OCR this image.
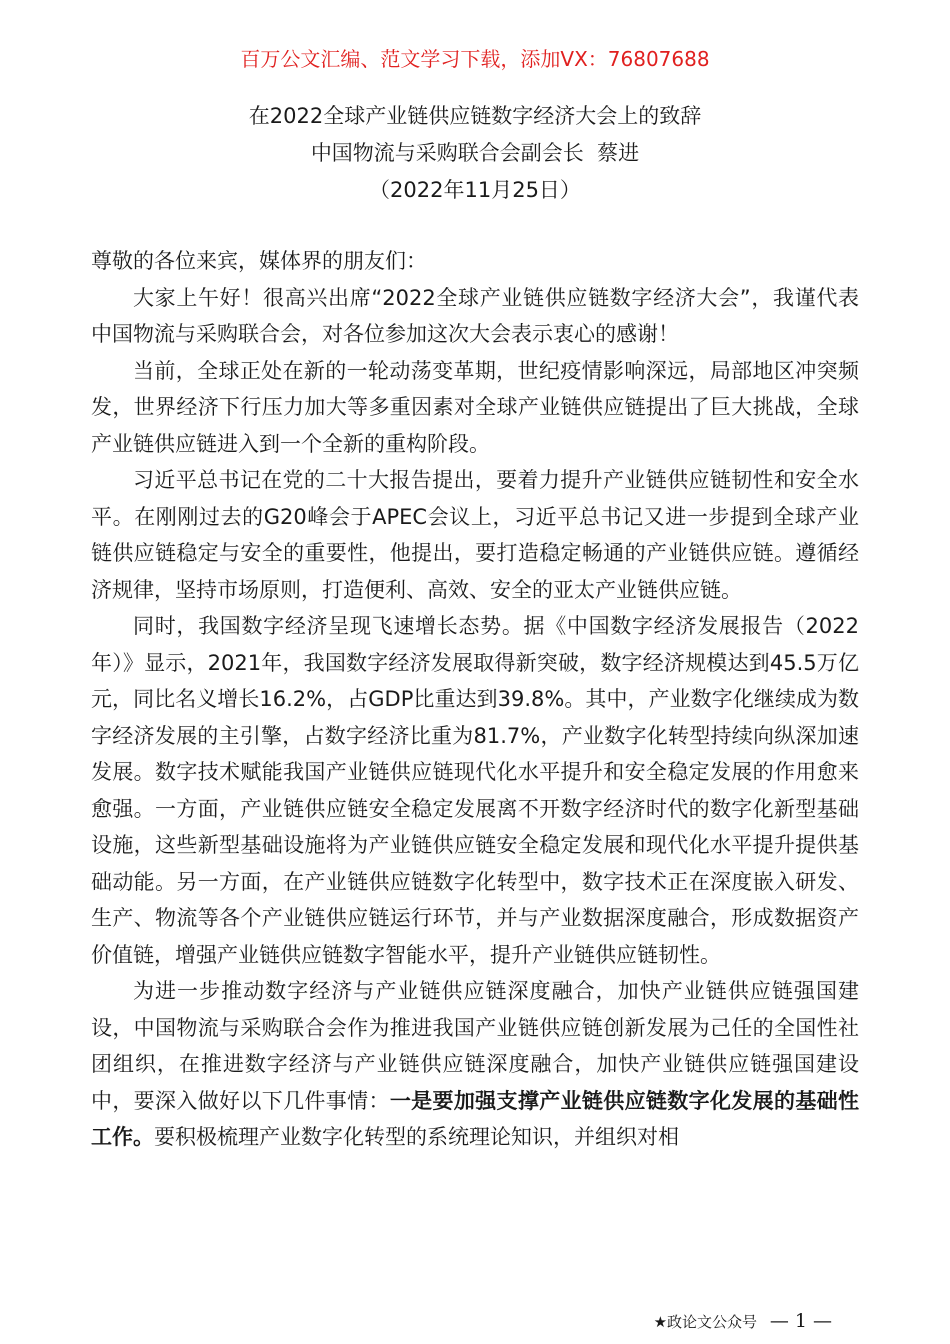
百万公文汇编、范文学习下载，添加VX：76807688
在2022全球产业链供应链数字经济大会上的致辞
中国物流与采购联合会副会长  蔡进
（2022年11月25日）

尊敬的各位来宾，媒体界的朋友们：

大家上午好！很高兴出席“2022全球产业链供应链数字经济大会”，我谨代表中国物流与采购联合会，对各位参加这次大会表示衷心的感谢！

当前，全球正处在新的一轮动荡变革期，世纪疫情影响深远，局部地区冲突频发，世界经济下行压力加大等多重因素对全球产业链供应链提出了巨大挑战，全球产业链供应链进入到一个全新的重构阶段。

习近平总书记在党的二十大报告提出，要着力提升产业链供应链韧性和安全水平。在刚刚过去的G20峰会于APEC会议上，习近平总书记又进一步提到全球产业链供应链稳定与安全的重要性，他提出，要打造稳定畅通的产业链供应链。遵循经济规律，坚持市场原则，打造便利、高效、安全的亚太产业链供应链。

同时，我国数字经济呈现飞速增长态势。据《中国数字经济发展报告（2022年）》显示，2021年，我国数字经济发展取得新突破，数字经济规模达到45.5万亿元，同比名义增长16.2%，占GDP比重达到39.8%。其中，产业数字化继续成为数字经济发展的主引擎，占数字经济比重为81.7%，产业数字化转型持续向纵深加速发展。数字技术赋能我国产业链供应链现代化水平提升和安全稳定发展的作用愈来愈强。一方面，产业链供应链安全稳定发展离不开数字经济时代的数字化新型基础设施，这些新型基础设施将为产业链供应链安全稳定发展和现代化水平提升提供基础动能。另一方面，在产业链供应链数字化转型中，数字技术正在深度嵌入研发、生产、物流等各个产业链供应链运行环节，并与产业数据深度融合，形成数据资产价值链，增强产业链供应链数字智能水平，提升产业链供应链韧性。

为进一步推动数字经济与产业链供应链深度融合，加快产业链供应链强国建设，中国物流与采购联合会作为推进我国产业链供应链创新发展为己任的全国性社团组织，在推进数字经济与产业链供应链深度融合，加快产业链供应链强国建设中，要深入做好以下几件事情：一是要加强支撑产业链供应链数字化发展的基础性工作。要积极梳理产业数字化转型的系统理论知识，并组织对相

★政论文公众号 — 1 —
